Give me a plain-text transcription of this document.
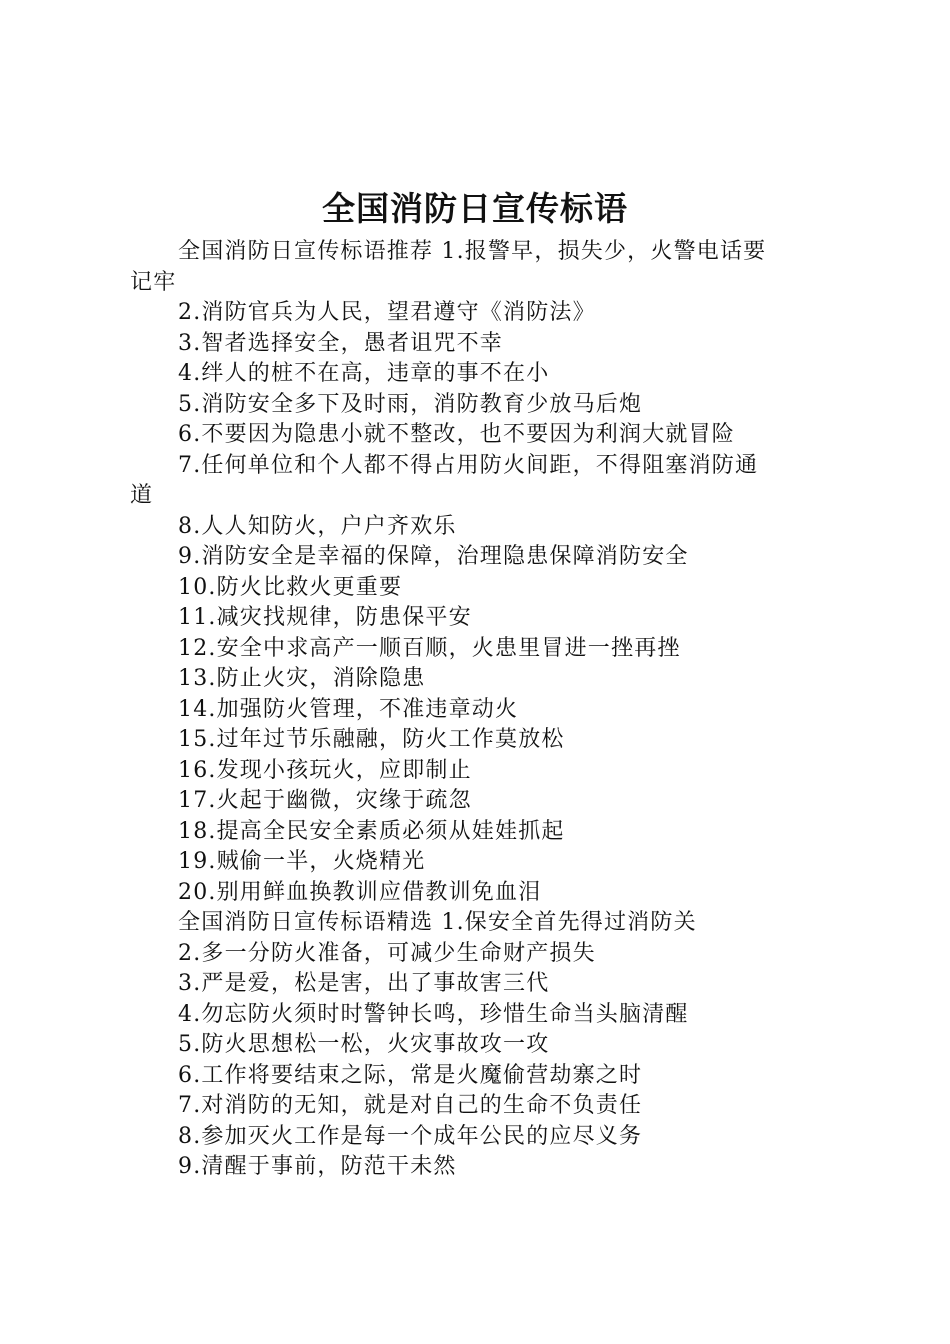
全国消防日宣传标语

全国消防日宣传标语推荐 1.报警早，损失少，火警电话要
记牢

2.消防官兵为人民，望君遵守《消防法》

3.智者选择安全，愚者诅咒不幸

4.绊人的桩不在高，违章的事不在小

5.消防安全多下及时雨，消防教育少放马后炮

6.不要因为隐患小就不整改，也不要因为利润大就冒险

7.任何单位和个人都不得占用防火间距，不得阻塞消防通
道

8.人人知防火，户户齐欢乐

9.消防安全是幸福的保障，治理隐患保障消防安全

10.防火比救火更重要

11.减灾找规律，防患保平安

12.安全中求高产一顺百顺，火患里冒进一挫再挫

13.防止火灾，消除隐患

14.加强防火管理，不准违章动火

15.过年过节乐融融，防火工作莫放松

16.发现小孩玩火，应即制止

17.火起于幽微，灾缘于疏忽

18.提高全民安全素质必须从娃娃抓起

19.贼偷一半，火烧精光

20.别用鲜血换教训应借教训免血泪

全国消防日宣传标语精选 1.保安全首先得过消防关

2.多一分防火准备，可减少生命财产损失

3.严是爱，松是害，出了事故害三代

4.勿忘防火须时时警钟长鸣，珍惜生命当头脑清醒

5.防火思想松一松，火灾事故攻一攻

6.工作将要结束之际，常是火魔偷营劫寨之时

7.对消防的无知，就是对自己的生命不负责任

8.参加灭火工作是每一个成年公民的应尽义务

9.清醒于事前，防范干未然
